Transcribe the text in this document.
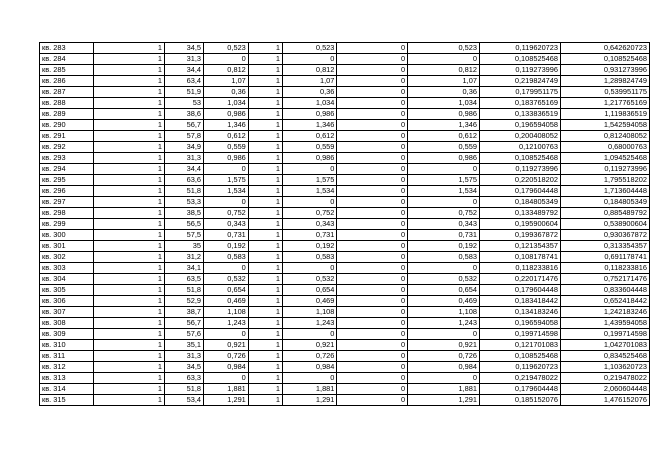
кв. 283	1	34,5	0,523	1	0,523	0	0,523	0,119620723	0,642620723
кв. 284	1	31,3	0	1	0	0	0	0,108525468	0,108525468
кв. 285	1	34,4	0,812	1	0,812	0	0,812	0,119273996	0,931273996
кв. 286	1	63,4	1,07	1	1,07	0	1,07	0,219824749	1,289824749
кв. 287	1	51,9	0,36	1	0,36	0	0,36	0,179951175	0,539951175
кв. 288	1	53	1,034	1	1,034	0	1,034	0,183765169	1,217765169
кв. 289	1	38,6	0,986	1	0,986	0	0,986	0,133836519	1,119836519
кв. 290	1	56,7	1,346	1	1,346	0	1,346	0,196594058	1,542594058
кв. 291	1	57,8	0,612	1	0,612	0	0,612	0,200408052	0,812408052
кв. 292	1	34,9	0,559	1	0,559	0	0,559	0,12100763	0,68000763
кв. 293	1	31,3	0,986	1	0,986	0	0,986	0,108525468	1,094525468
кв. 294	1	34,4	0	1	0	0	0	0,119273996	0,119273996
кв. 295	1	63,6	1,575	1	1,575	0	1,575	0,220518202	1,795518202
кв. 296	1	51,8	1,534	1	1,534	0	1,534	0,179604448	1,713604448
кв. 297	1	53,3	0	1	0	0	0	0,184805349	0,184805349
кв. 298	1	38,5	0,752	1	0,752	0	0,752	0,133489792	0,885489792
кв. 299	1	56,5	0,343	1	0,343	0	0,343	0,195900604	0,538900604
кв. 300	1	57,5	0,731	1	0,731	0	0,731	0,199367872	0,930367872
кв. 301	1	35	0,192	1	0,192	0	0,192	0,121354357	0,313354357
кв. 302	1	31,2	0,583	1	0,583	0	0,583	0,108178741	0,691178741
кв. 303	1	34,1	0	1	0	0	0	0,118233816	0,118233816
кв. 304	1	63,5	0,532	1	0,532	0	0,532	0,220171476	0,752171476
кв. 305	1	51,8	0,654	1	0,654	0	0,654	0,179604448	0,833604448
кв. 306	1	52,9	0,469	1	0,469	0	0,469	0,183418442	0,652418442
кв. 307	1	38,7	1,108	1	1,108	0	1,108	0,134183246	1,242183246
кв. 308	1	56,7	1,243	1	1,243	0	1,243	0,196594058	1,439594058
кв. 309	1	57,6	0	1	0	0	0	0,199714598	0,199714598
кв. 310	1	35,1	0,921	1	0,921	0	0,921	0,121701083	1,042701083
кв. 311	1	31,3	0,726	1	0,726	0	0,726	0,108525468	0,834525468
кв. 312	1	34,5	0,984	1	0,984	0	0,984	0,119620723	1,103620723
кв. 313	1	63,3	0	1	0	0	0	0,219478022	0,219478022
кв. 314	1	51,8	1,881	1	1,881	0	1,881	0,179604448	2,060604448
кв. 315	1	53,4	1,291	1	1,291	0	1,291	0,185152076	1,476152076
